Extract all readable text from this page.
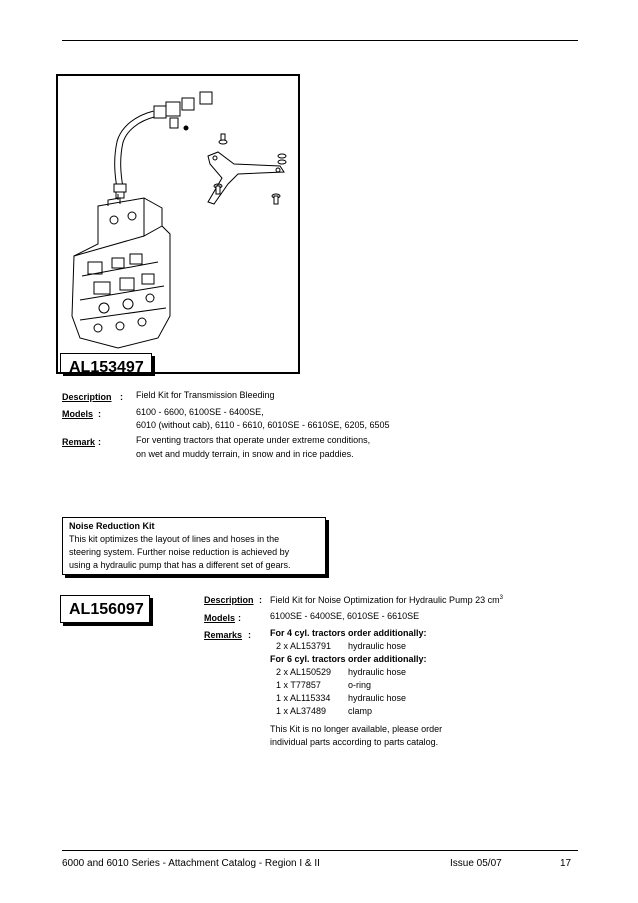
AL153497
Description : Field Kit for Transmission Bleeding
Models :	6100 - 6600, 6100SE - 6400SE,
6010 (without cab), 6110 - 6610, 6010SE - 6610SE, 6205, 6505
Remark :	For venting tractors that operate under extreme conditions,
on wet and muddy terrain, in snow and in rice paddies.
Noise Reduction Kit
This kit optimizes the layout of lines and hoses in the
steering system. Further noise reduction is achieved by
using a hydraulic pump that has a different set of gears.
AL156097
Description : Field Kit for Noise Optimization for Hydraulic Pump 23 $cm^3$
Models :	6100SE - 6400SE, 6010SE - 6610SE
Remarks : For 4 cyl. tractors order additionally:
2 x AL153791 hydraulic hose
For 6 cyl. tractors order additionally:
2 x AL150529 hydraulic hose
1 x T77857	o-ring
1 x AL115334 hydraulic hose
1 x AL37489 clamp
This Kit is no longer available, please order
individual parts according to parts catalog.
6000 and 6010 Series - Attachment Catalog - Region I & II	Issue 05/07	17
